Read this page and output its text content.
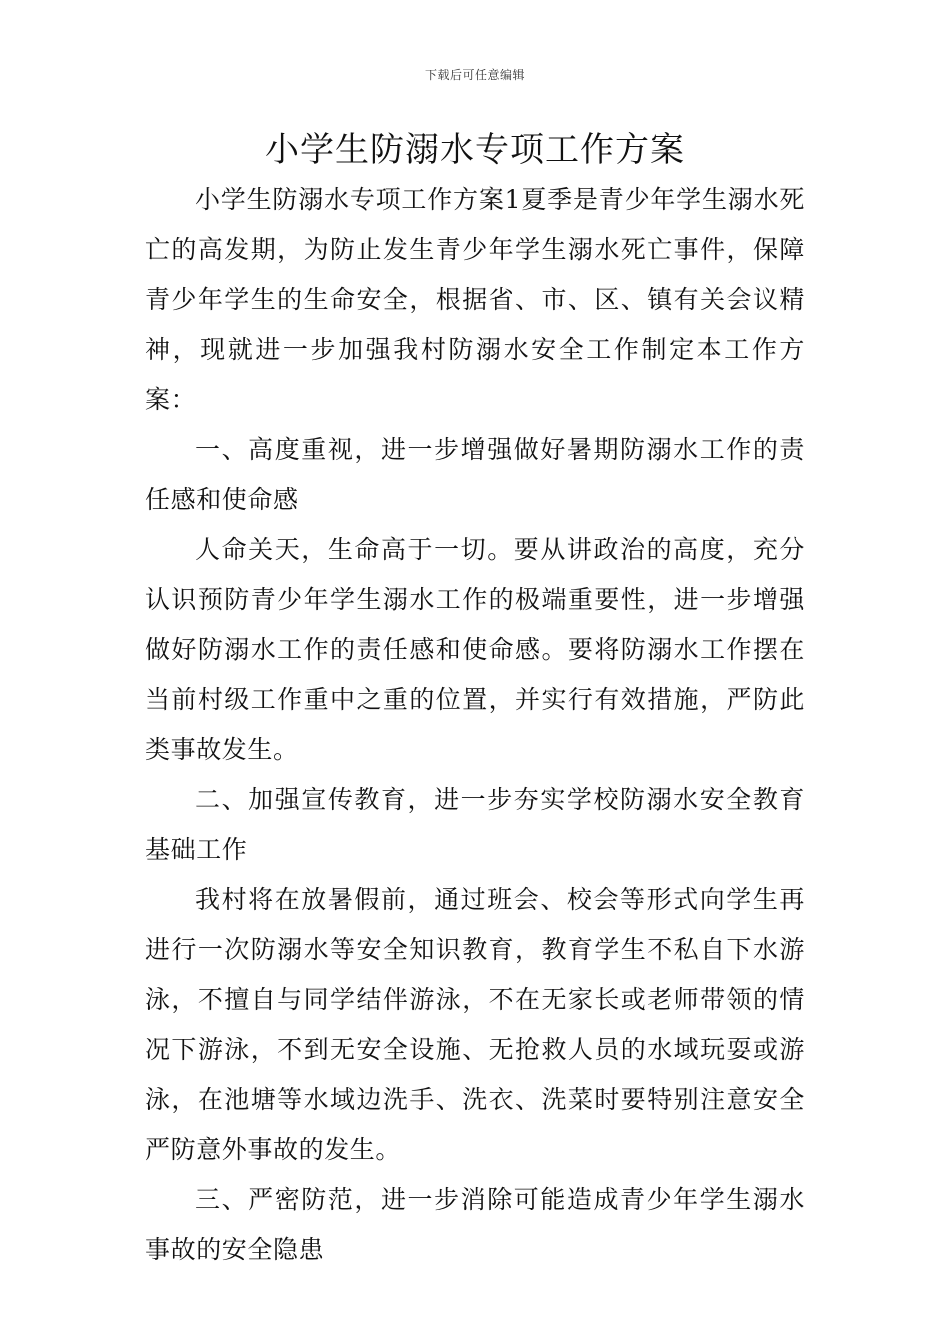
下载后可任意编辑
小学生防溺水专项工作方案

小学生防溺水专项工作方案1夏季是青少年学生溺水死亡的高发期，为防止发生青少年学生溺水死亡事件，保障青少年学生的生命安全，根据省、市、区、镇有关会议精神，现就进一步加强我村防溺水安全工作制定本工作方案：

一、高度重视，进一步增强做好暑期防溺水工作的责任感和使命感

人命关天，生命高于一切。要从讲政治的高度，充分认识预防青少年学生溺水工作的极端重要性，进一步增强做好防溺水工作的责任感和使命感。要将防溺水工作摆在当前村级工作重中之重的位置，并实行有效措施，严防此类事故发生。

二、加强宣传教育，进一步夯实学校防溺水安全教育基础工作

我村将在放暑假前，通过班会、校会等形式向学生再进行一次防溺水等安全知识教育，教育学生不私自下水游泳，不擅自与同学结伴游泳，不在无家长或老师带领的情况下游泳，不到无安全设施、无抢救人员的水域玩耍或游泳，在池塘等水域边洗手、洗衣、洗菜时要特别注意安全严防意外事故的发生。

三、严密防范，进一步消除可能造成青少年学生溺水事故的安全隐患
